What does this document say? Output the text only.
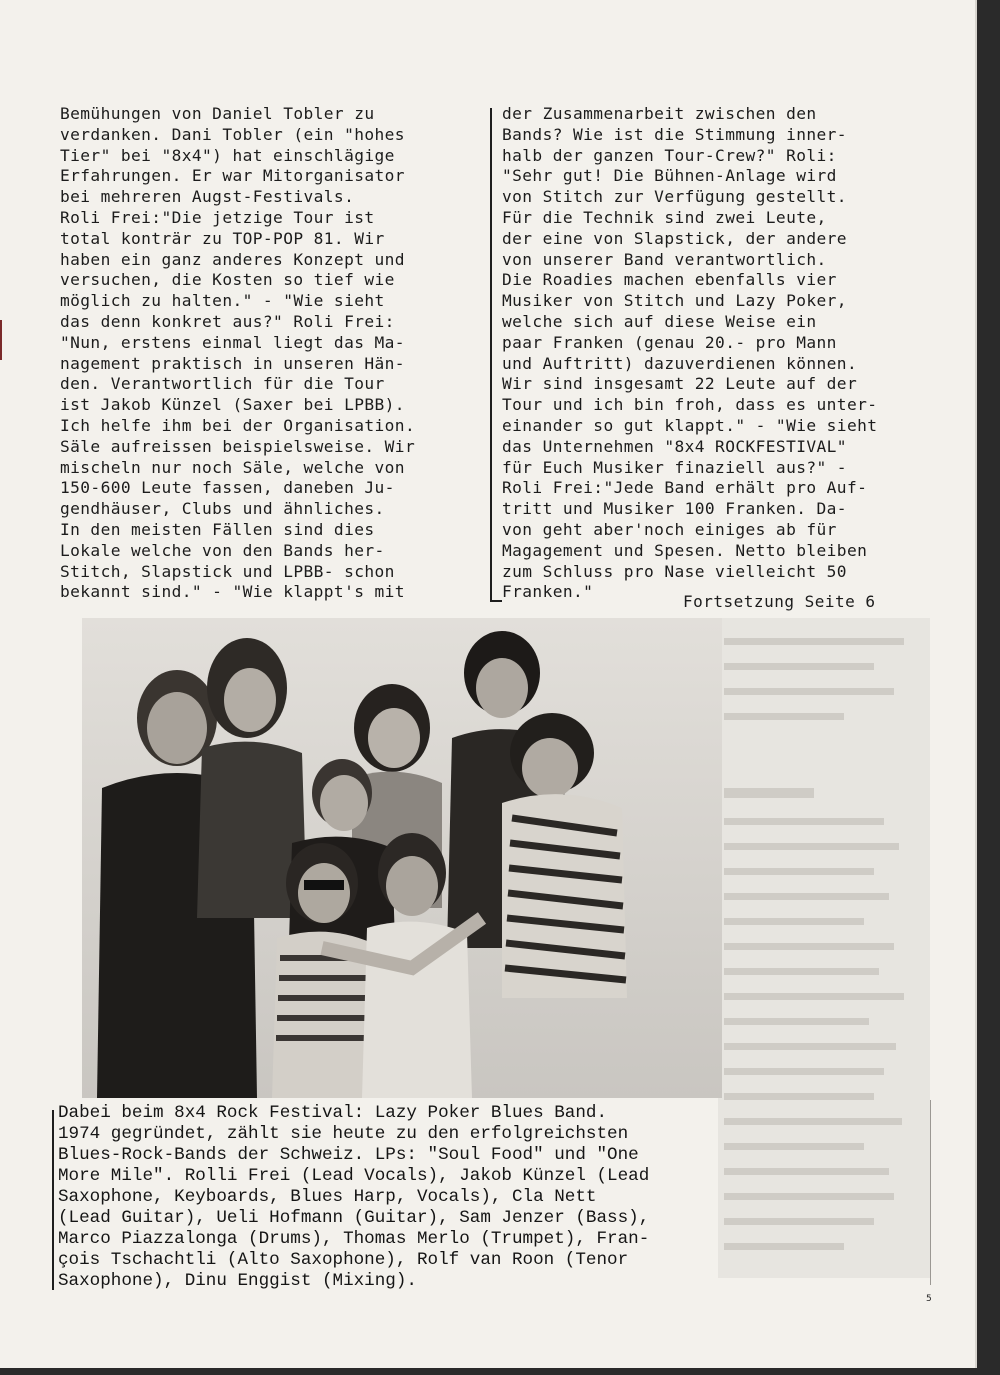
Bemühungen von Daniel Tobler zu
verdanken. Dani Tobler (ein "hohes
Tier" bei "8x4") hat einschlägige
Erfahrungen. Er war Mitorganisator
bei mehreren Augst-Festivals.
Roli Frei:"Die jetzige Tour ist
total konträr zu TOP-POP 81. Wir
haben ein ganz anderes Konzept und
versuchen, die Kosten so tief wie
möglich zu halten." - "Wie sieht
das denn konkret aus?" Roli Frei:
"Nun, erstens einmal liegt das Ma-
nagement praktisch in unseren Hän-
den. Verantwortlich für die Tour
ist Jakob Künzel (Saxer bei LPBB).
Ich helfe ihm bei der Organisation.
Säle aufreissen beispielsweise. Wir
mischeln nur noch Säle, welche von
150-600 Leute fassen, daneben Ju-
gendhäuser, Clubs und ähnliches.
In den meisten Fällen sind dies
Lokale welche von den Bands her-
Stitch, Slapstick und LPBB- schon
bekannt sind." - "Wie klappt's mit
der Zusammenarbeit zwischen den
Bands? Wie ist die Stimmung inner-
halb der ganzen Tour-Crew?" Roli:
"Sehr gut! Die Bühnen-Anlage wird
von Stitch zur Verfügung gestellt.
Für die Technik sind zwei Leute,
der eine von Slapstick, der andere
von unserer Band verantwortlich.
Die Roadies machen ebenfalls vier
Musiker von Stitch und Lazy Poker,
welche sich auf diese Weise ein
paar Franken (genau 20.- pro Mann
und Auftritt) dazuverdienen können.
Wir sind insgesamt 22 Leute auf der
Tour und ich bin froh, dass es unter-
einander so gut klappt." - "Wie sieht
das Unternehmen "8x4 ROCKFESTIVAL"
für Euch Musiker finaziell aus?" -
Roli Frei:"Jede Band erhält pro Auf-
tritt und Musiker 100 Franken. Da-
von geht aber'noch einiges ab für
Magagement und Spesen. Netto bleiben
zum Schluss pro Nase vielleicht 50
Franken."
Fortsetzung Seite 6
Dabei beim 8x4 Rock Festival: Lazy Poker Blues Band.
1974 gegründet, zählt sie heute zu den erfolgreichsten
Blues-Rock-Bands der Schweiz. LPs: "Soul Food" und "One
More Mile". Rolli Frei (Lead Vocals), Jakob Künzel (Lead
Saxophone, Keyboards, Blues Harp, Vocals), Cla Nett
(Lead Guitar), Ueli Hofmann (Guitar), Sam Jenzer (Bass),
Marco Piazzalonga (Drums), Thomas Merlo (Trumpet), Fran-
çois Tschachtli (Alto Saxophone), Rolf van Roon (Tenor
Saxophone), Dinu Enggist (Mixing).
5
